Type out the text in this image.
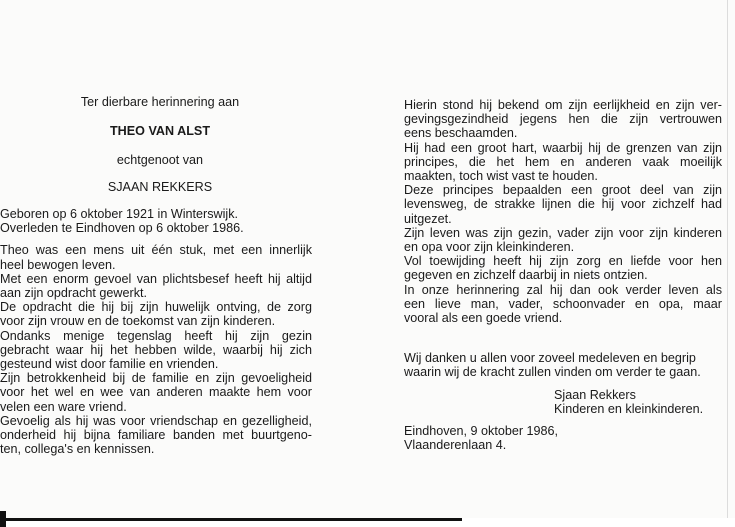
Ter dierbare herinnering aan
THEO VAN ALST
echtgenoot van
SJAAN REKKERS
Geboren op 6 oktober 1921 in Winterswijk.
Overleden te Eindhoven op 6 oktober 1986.
Theo was een mens uit één stuk, met een innerlijk
heel bewogen leven.
Met een enorm gevoel van plichtsbesef heeft hij altijd
aan zijn opdracht gewerkt.
De opdracht die hij bij zijn huwelijk ontving, de zorg
voor zijn vrouw en de toekomst van zijn kinderen.
Ondanks menige tegenslag heeft hij zijn gezin
gebracht waar hij het hebben wilde, waarbij hij zich
gesteund wist door familie en vrienden.
Zijn betrokkenheid bij de familie en zijn gevoeligheid
voor het wel en wee van anderen maakte hem voor
velen een ware vriend.
Gevoelig als hij was voor vriendschap en gezelligheid,
onderheid hij bijna familiare banden met buurtgeno-
ten, collega's en kennissen.
Hierin stond hij bekend om zijn eerlijkheid en zijn ver-
gevingsgezindheid jegens hen die zijn vertrouwen
eens beschaamden.
Hij had een groot hart, waarbij hij de grenzen van zijn
principes, die het hem en anderen vaak moeilijk
maakten, toch wist vast te houden.
Deze principes bepaalden een groot deel van zijn
levensweg, de strakke lijnen die hij voor zichzelf had
uitgezet.
Zijn leven was zijn gezin, vader zijn voor zijn kinderen
en opa voor zijn kleinkinderen.
Vol toewijding heeft hij zijn zorg en liefde voor hen
gegeven en zichzelf daarbij in niets ontzien.
In onze herinnering zal hij dan ook verder leven als
een lieve man, vader, schoonvader en opa, maar
vooral als een goede vriend.
Wij danken u allen voor zoveel medeleven en begrip
waarin wij de kracht zullen vinden om verder te gaan.
Sjaan Rekkers
Kinderen en kleinkinderen.
Eindhoven, 9 oktober 1986,
Vlaanderenlaan 4.
